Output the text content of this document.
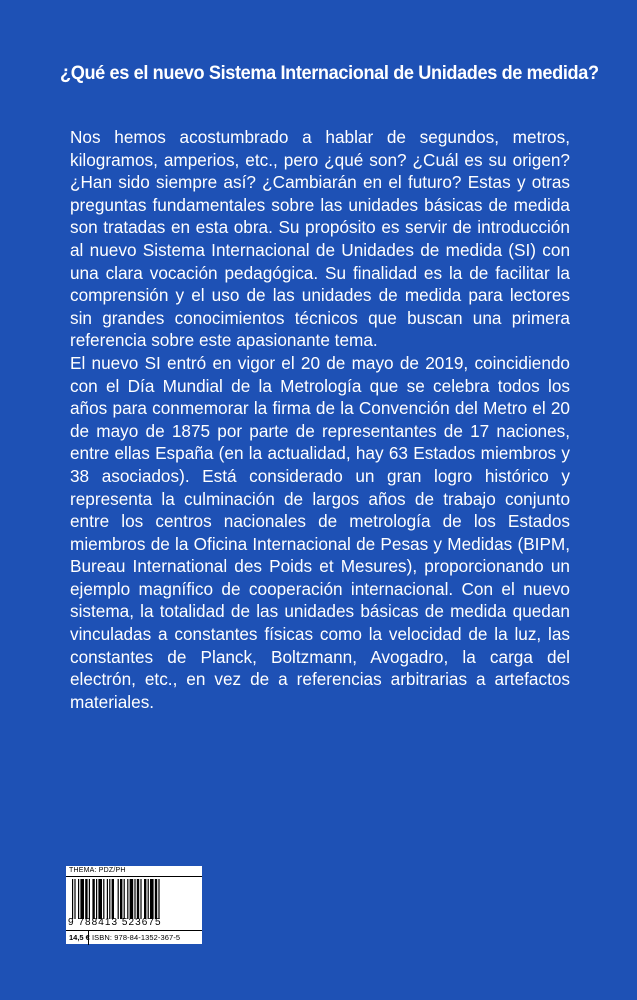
¿Qué es el nuevo Sistema Internacional de Unidades de medida?

Nos hemos acostumbrado a hablar de segundos, metros, kilogramos, amperios, etc., pero ¿qué son? ¿Cuál es su origen? ¿Han sido siempre así? ¿Cambiarán en el futuro? Estas y otras preguntas fundamentales sobre las unidades básicas de medida son tratadas en esta obra. Su propósito es servir de introducción al nuevo Sistema Internacional de Unidades de medida (SI) con una clara vocación pedagógica. Su finalidad es la de facilitar la comprensión y el uso de las unidades de medida para lectores sin grandes conocimientos técnicos que buscan una primera referencia sobre este apasionante tema.

El nuevo SI entró en vigor el 20 de mayo de 2019, coincidiendo con el Día Mundial de la Metrología que se celebra todos los años para conmemorar la firma de la Convención del Metro el 20 de mayo de 1875 por parte de representantes de 17 naciones, entre ellas España (en la actualidad, hay 63 Estados miembros y 38 asociados). Está considerado un gran logro histórico y representa la culminación de largos años de trabajo conjunto entre los centros nacionales de metrología de los Estados miembros de la Oficina Internacional de Pesas y Medidas (BIPM, Bureau International des Poids et Mesures), proporcionando un ejemplo magnífico de cooperación internacional. Con el nuevo sistema, la totalidad de las unidades básicas de medida quedan vinculadas a constantes físicas como la velocidad de la luz, las constantes de Planck, Boltzmann, Avogadro, la carga del electrón, etc., en vez de a referencias arbitrarias a artefactos materiales.

THEMA: PDZ/PH
9 788413 523675
14,5 € ISBN: 978-84-1352-367-5
